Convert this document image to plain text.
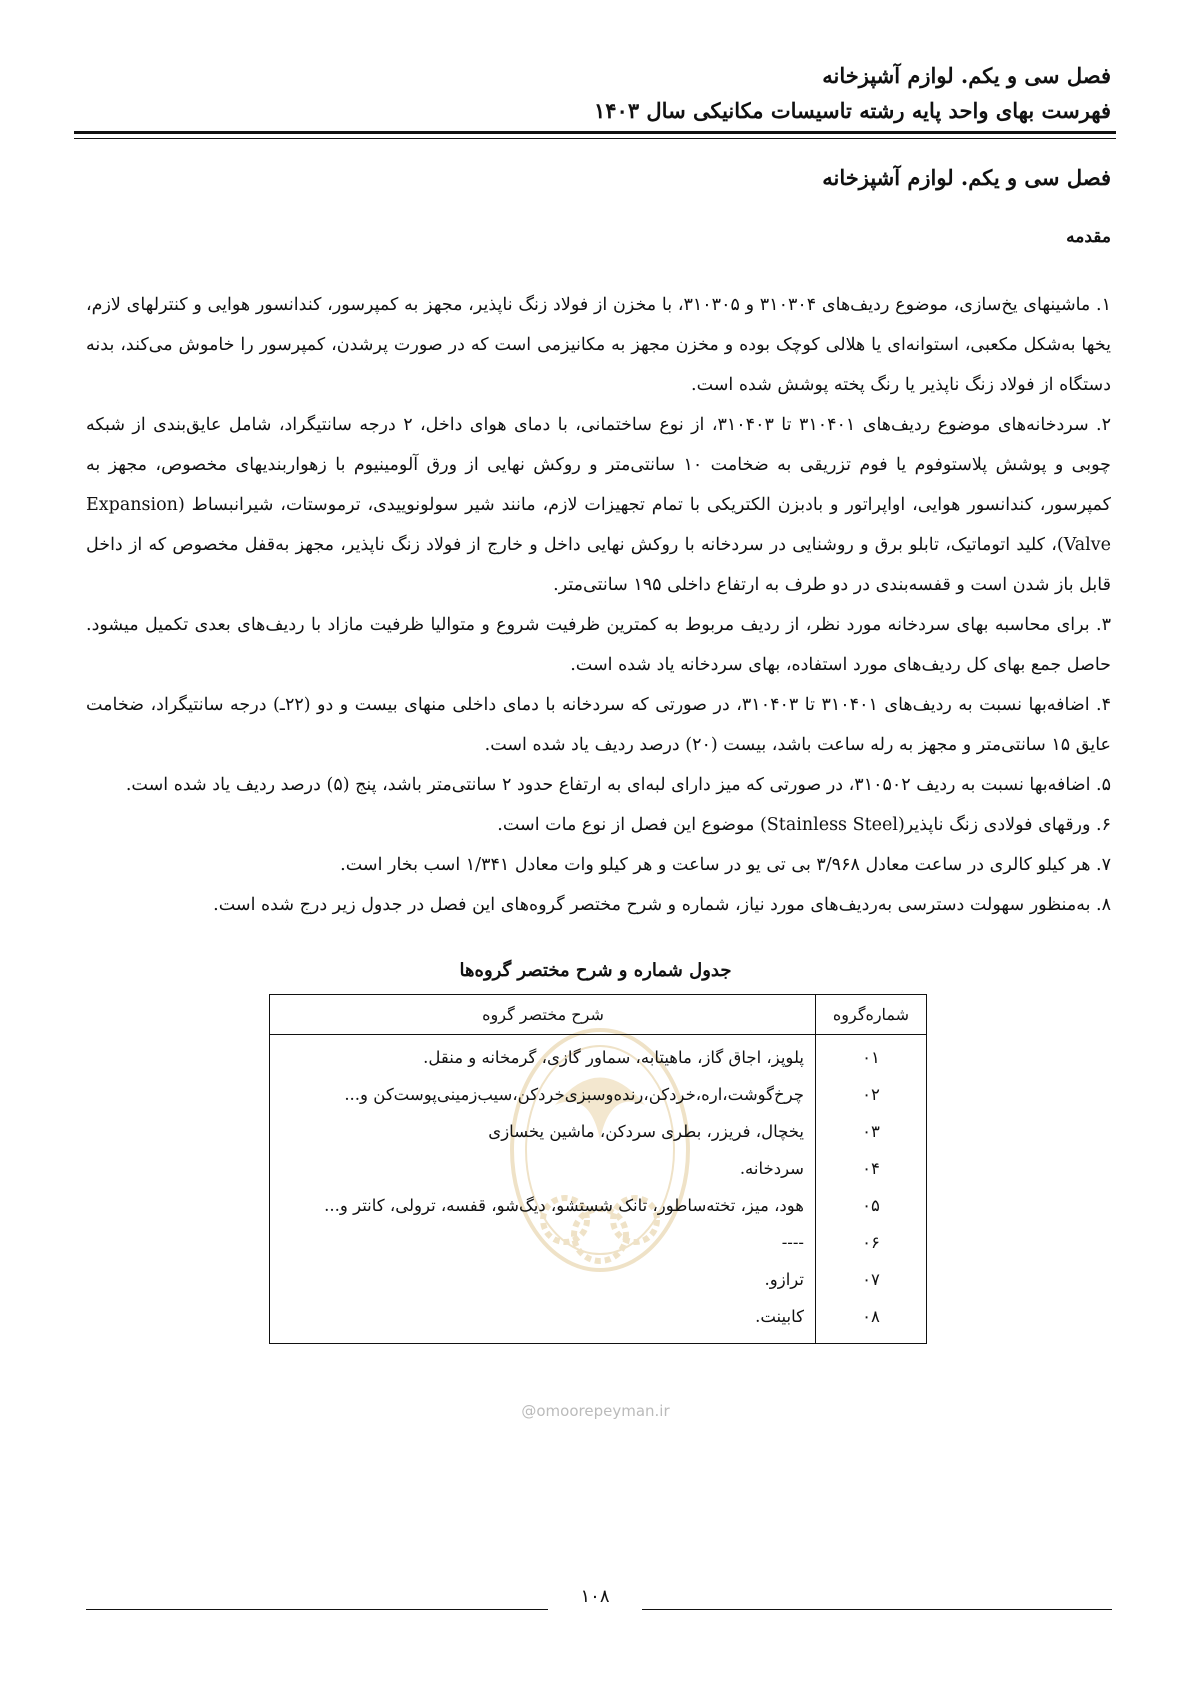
فصل سی و یکم. لوازم آشپزخانه
فهرست بهای واحد پایه رشته تاسیسات مکانیکی سال ۱۴۰۳
فصل سی و یکم. لوازم آشپزخانه
مقدمه
۱. ماشینهای یخ‌سازی، موضوع ردیف‌های ۳۱۰۳۰۴ و ۳۱۰۳۰۵، با مخزن از فولاد زنگ ناپذیر، مجهز به کمپرسور، کندانسور هوایی و کنترلهای لازم، یخها به‌شکل مکعبی، استوانه‌ای یا هلالی کوچک بوده و مخزن مجهز به مکانیزمی است که در صورت پرشدن، کمپرسور را خاموش می‌کند، بدنه دستگاه از فولاد زنگ ناپذیر یا رنگ پخته پوشش شده است.
۲. سردخانه‌های موضوع ردیف‌های ۳۱۰۴۰۱ تا ۳۱۰۴۰۳، از نوع ساختمانی، با دمای هوای داخل، ۲ درجه سانتیگراد، شامل عایق‌بندی از شبکه چوبی و پوشش پلاستوفوم یا فوم تزریقی به ضخامت ۱۰ سانتی‌متر و روکش نهایی از ورق آلومینیوم با زهواربندیهای مخصوص، مجهز به کمپرسور، کندانسور هوایی، اواپراتور و بادبزن الکتریکی با تمام تجهیزات لازم، مانند شیر سولونوییدی، ترموستات، شیرانبساط (Expansion Valve)، کلید اتوماتیک، تابلو برق و روشنایی در سردخانه با روکش نهایی داخل و خارج از فولاد زنگ ناپذیر، مجهز به‌قفل مخصوص که از داخل قابل باز شدن است و قفسه‌بندی در دو طرف به ارتفاع داخلی ۱۹۵ سانتی‌متر.
۳. برای محاسبه بهای سردخانه مورد نظر، از ردیف مربوط به کمترین ظرفیت شروع و متوالیا ظرفیت مازاد با ردیف‌های بعدی تکمیل میشود. حاصل جمع بهای کل ردیف‌های مورد استفاده، بهای سردخانه یاد شده است.
۴. اضافه‌بها نسبت به ردیف‌های ۳۱۰۴۰۱ تا ۳۱۰۴۰۳، در صورتی که سردخانه با دمای داخلی منهای بیست و دو (۲۲ـ) درجه سانتیگراد، ضخامت عایق ۱۵ سانتی‌متر و مجهز به رله ساعت باشد، بیست (۲۰) درصد ردیف یاد شده است.
۵. اضافه‌بها نسبت به ردیف ۳۱۰۵۰۲، در صورتی که میز دارای لبه‌ای به ارتفاع حدود ۲ سانتی‌متر باشد، پنج (۵) درصد ردیف یاد شده است.
۶. ورقهای فولادی زنگ ناپذیر(Stainless Steel) موضوع این فصل از نوع مات است.
۷. هر کیلو کالری در ساعت معادل ۳/۹۶۸ بی تی یو در ساعت و هر کیلو وات معادل ۱/۳۴۱ اسب بخار است.
۸. به‌منظور سهولت دسترسی به‌ردیف‌های مورد نیاز، شماره و شرح مختصر گروه‌های این فصل در جدول زیر درج شده است.
جدول شماره و شرح مختصر گروه‌ها
شماره‌گروه
شرح مختصر گروه
۰۱
پلوپز، اجاق گاز، ماهیتابه، سماور گازی، گرمخانه و منقل.
۰۲
چرخ‌گوشت،اره،خردکن،رنده‌وسبزی‌خردکن،سیب‌زمینی‌پوست‌کن و...
۰۳
یخچال، فریزر، بطری سردکن، ماشین یخسازی
۰۴
سردخانه.
۰۵
هود، میز، تخته‌ساطور، تانک شستشو، دیگ‌شو، قفسه، ترولی، کانتر و...
۰۶
----
۰۷
ترازو.
۰۸
کابینت.
@omoorepeyman.ir
۱۰۸
